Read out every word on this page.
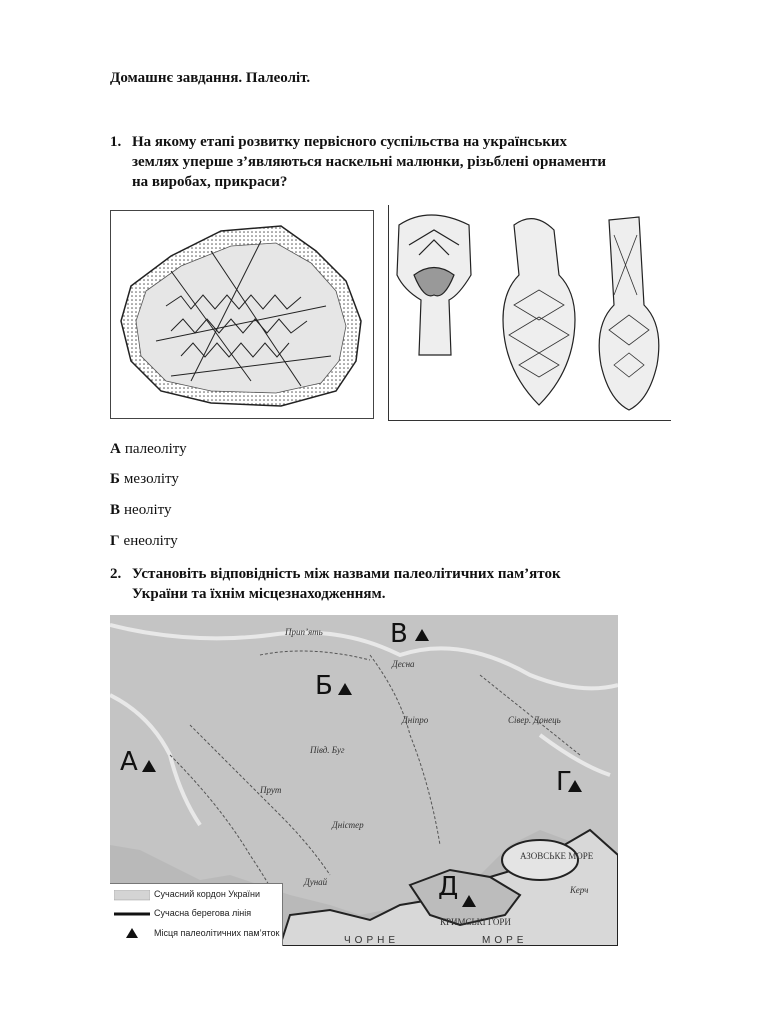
Домашнє завдання. Палеоліт.
1. На якому етапі розвитку первісного суспільства на українських
землях уперше з’являються наскельні малюнки, різьблені орнаменти
на виробах, прикраси?
А палеоліту
Б мезоліту
В неоліту
Г енеоліту
2. Установіть відповідність між назвами палеолітичних пам’яток
України та їхнім місцезнаходженням.
А
Б
В
Г
Д
Прип’ять
Десна
Дніпро
Півд. Буг
Прут
Дністер
Сівер. Донець
Дунай
АЗОВСЬКЕ МОРЕ
ЧОРНЕ	МОРЕ
КРИМСЬКІ ГОРИ
Керч
Сучасний кордон України
Сучасна берегова лінія
Місця палеолітичних пам’яток
